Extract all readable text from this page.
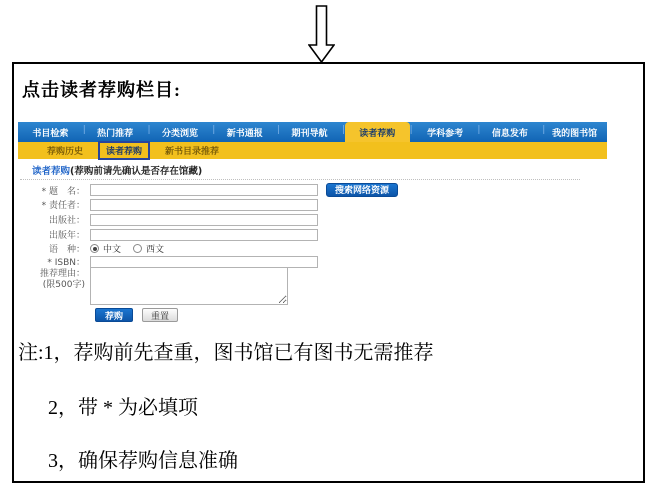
点击读者荐购栏目:
书目检索 |	热门推荐 |	分类浏览 |	新书通报 |	期刊导航 |	读者荐购 |	学科参考 |	信息发布 |	我的图书馆
荐购历史	读者荐购	新书目录推荐
读者荐购(荐购前请先确认是否存在馆藏)
* 题　名：	搜索网络资源
* 责任者：
出版社：
出版年：
语　种：	中文	西文
* ISBN：
推荐理由：
(限500字)
荐购	重置
注:1，荐购前先查重，图书馆已有图书无需推荐
2，带 * 为必填项
3，确保荐购信息准确
